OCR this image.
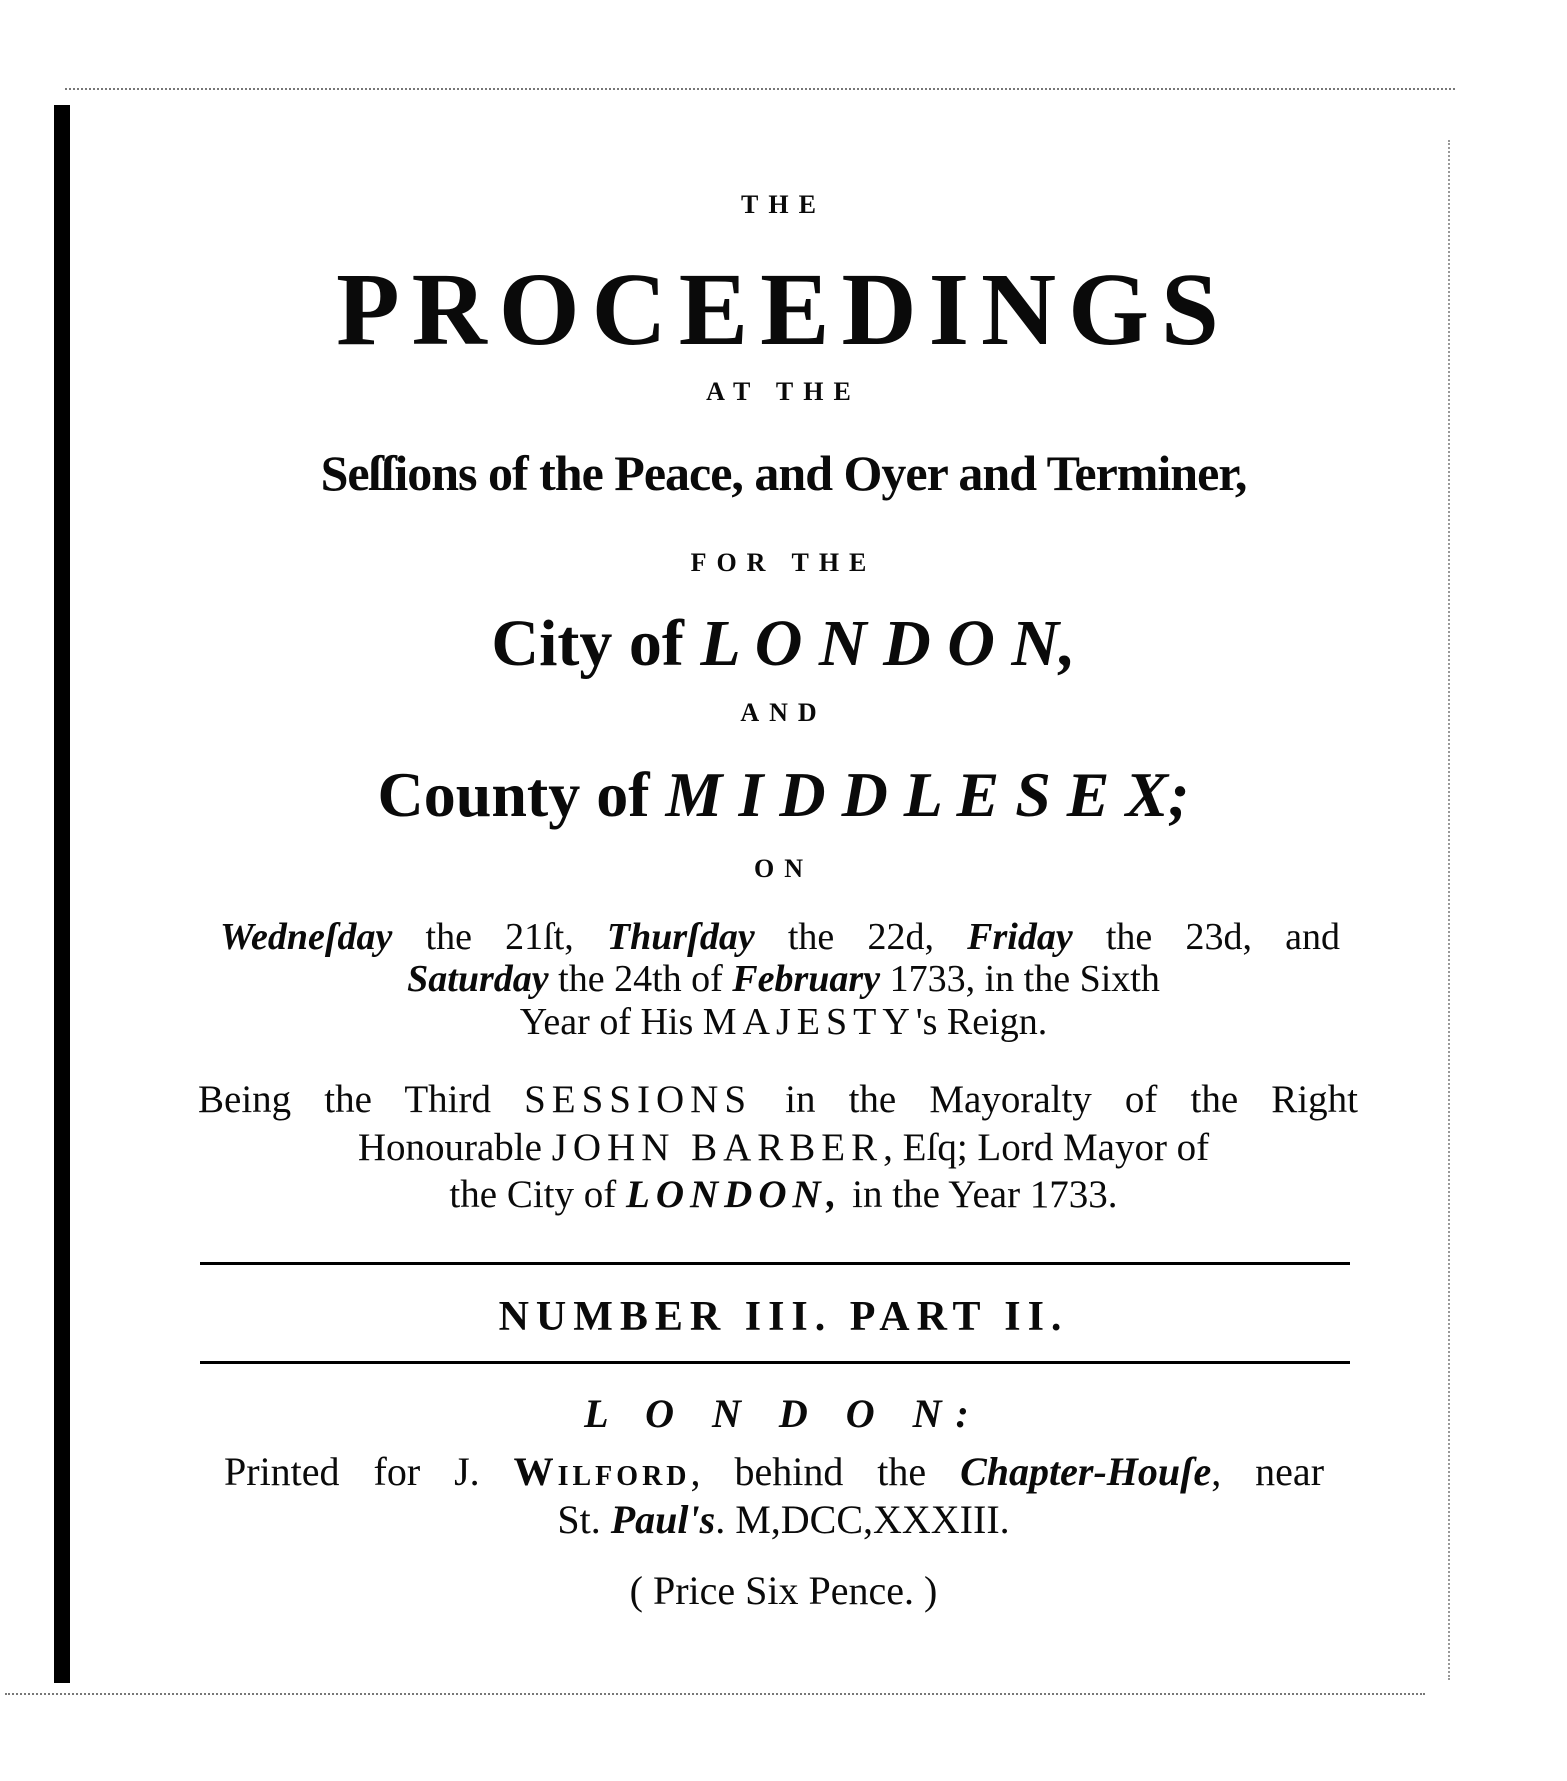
THE
PROCEEDINGS
AT THE
Seſſions of the Peace, and Oyer and Terminer,
FOR THE
City of L O N D O N,
AND
County of M I D D L E S E X;
ON
Wedneſday the 21ſt, Thurſday the 22d, Friday the 23d, and
Saturday the 24th of February 1733, in the Sixth
Year of His MAJESTY's Reign.
Being the Third SESSIONS in the Mayoralty of the Right
Honourable JOHN BARBER, Eſq; Lord Mayor of
the City of LONDON, in the Year 1733.
NUMBER III. PART II.
L O N D O N:
Printed for J. Wilford, behind the Chapter-Houſe, near
St. Paul's. M,DCC,XXXIII.
( Price Six Pence. )
